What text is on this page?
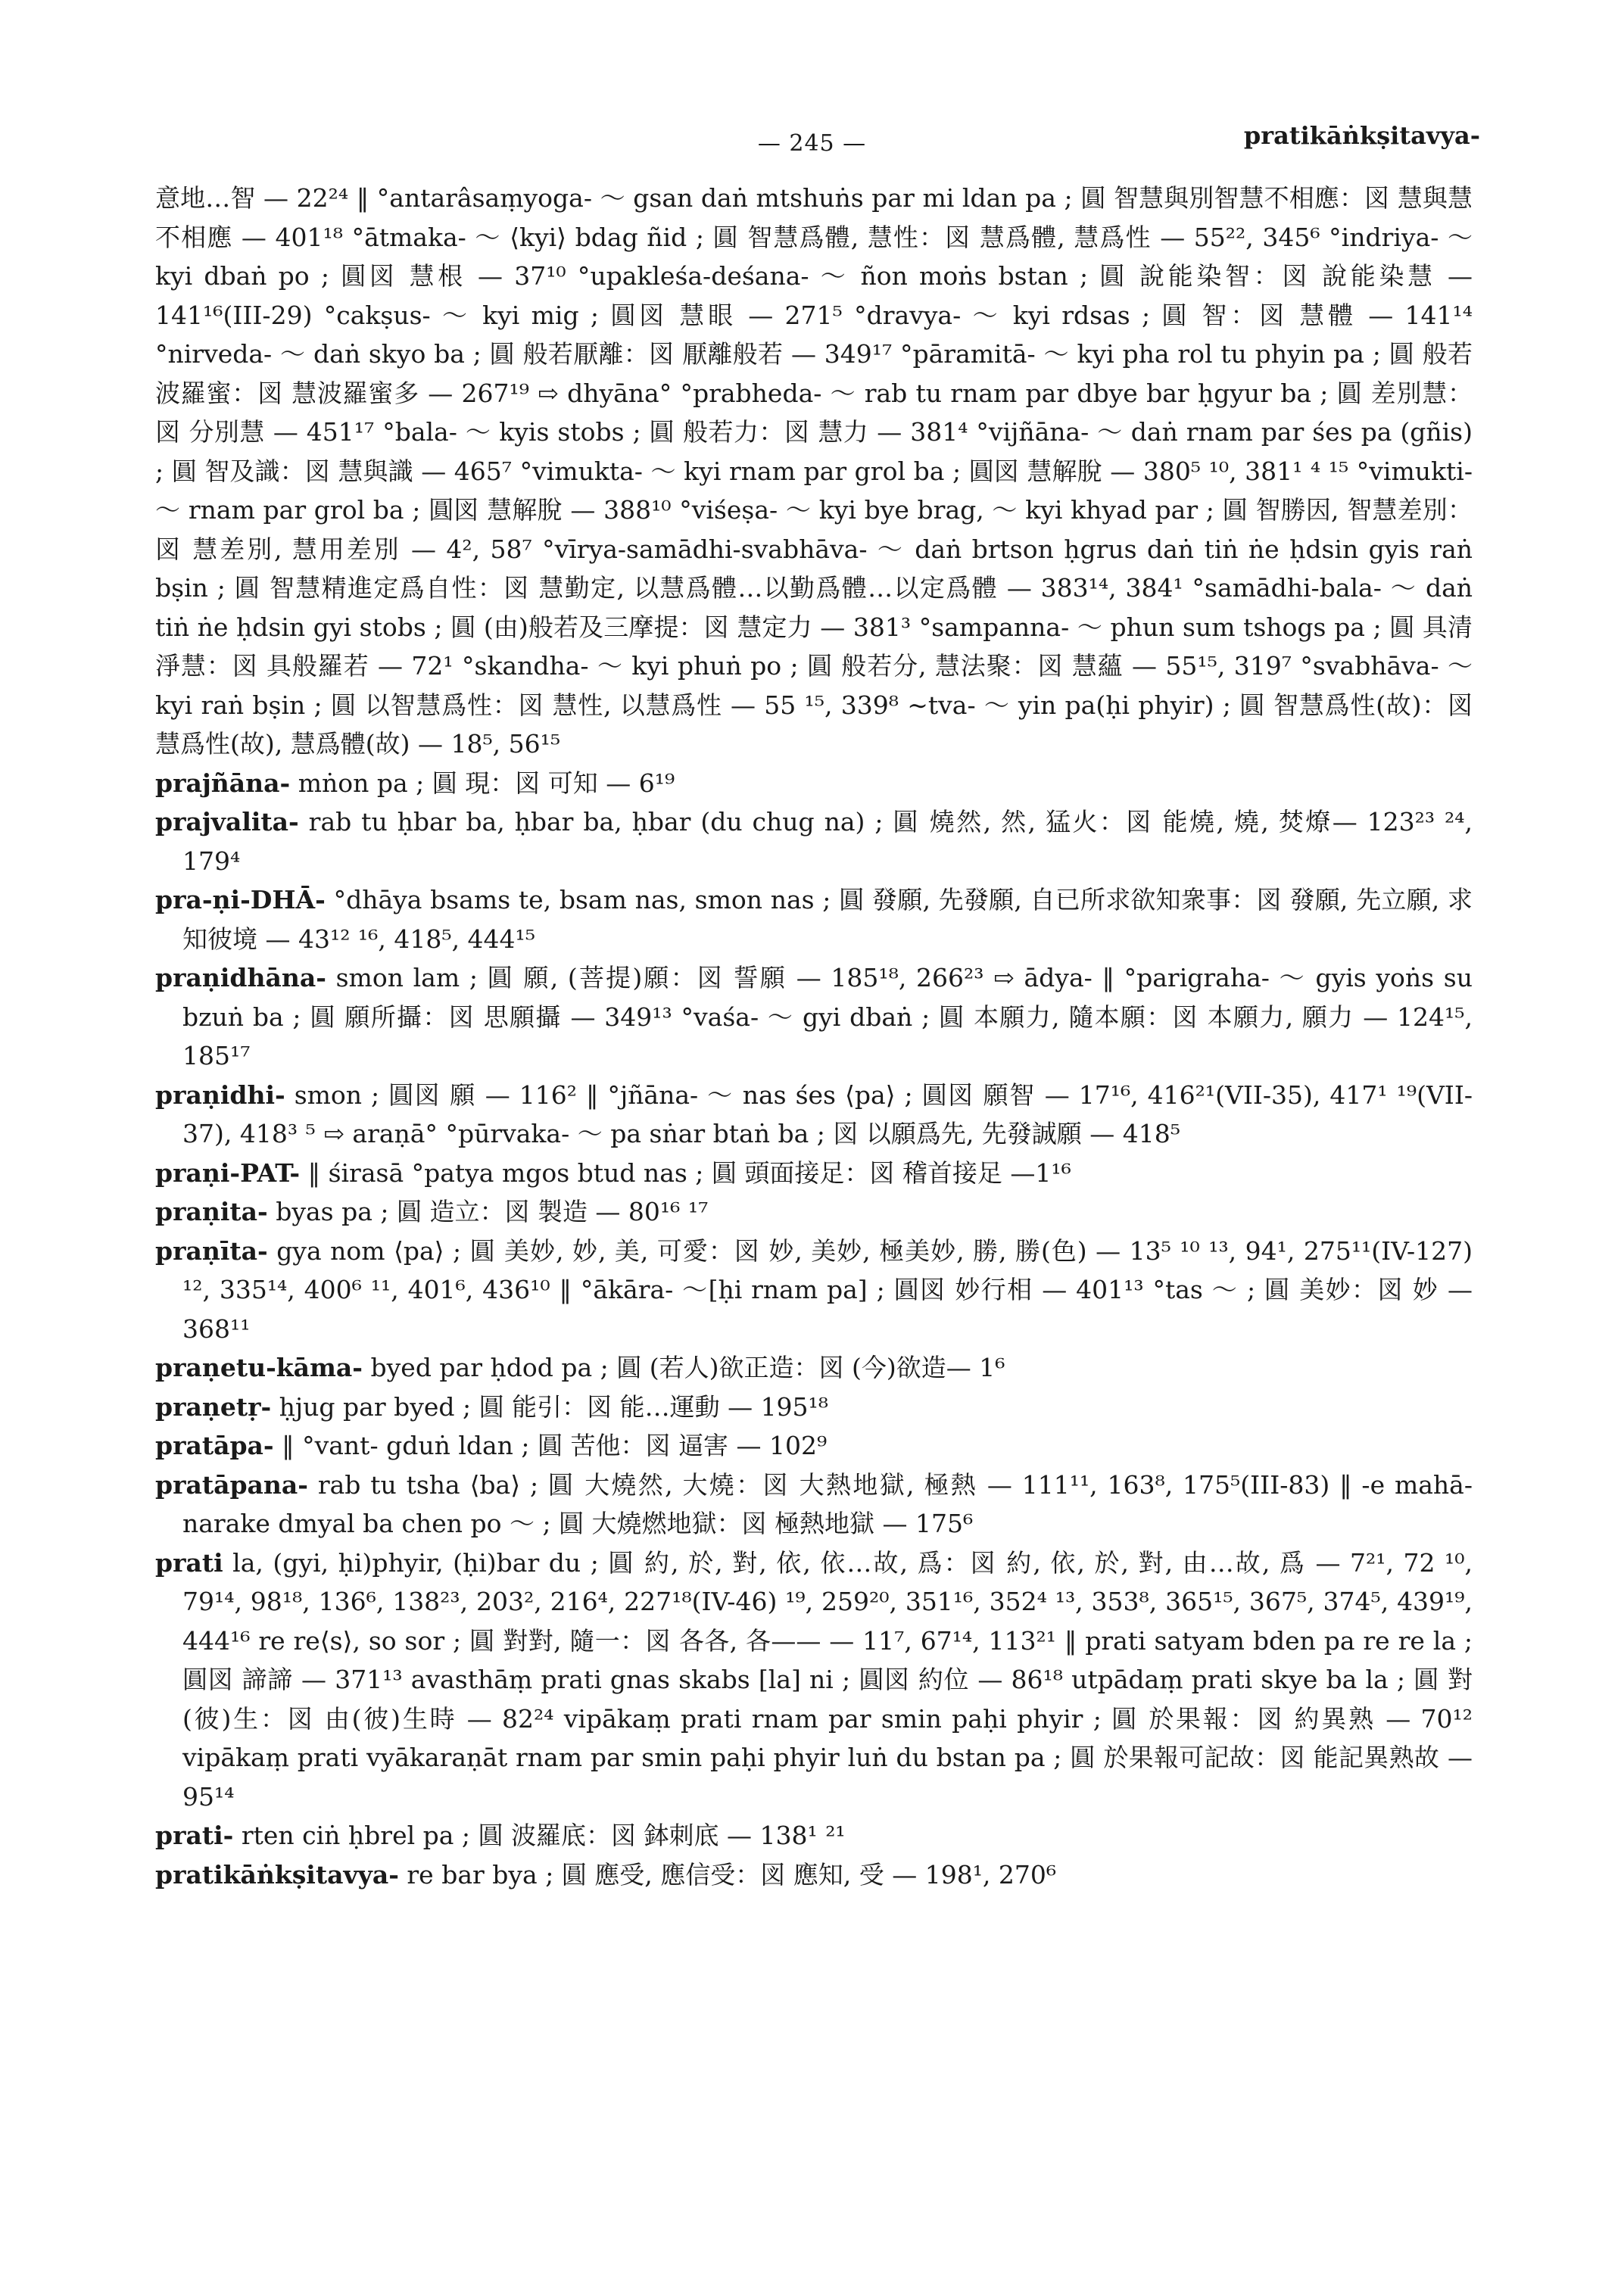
— 245 —	pratikāṅkṣitavya-

意地…智 — 22²⁴ ‖ °antarâsaṃyoga- ～ gsan daṅ mtshuṅs par mi ldan pa ; 圓 智慧與別智慧不相應：図 慧與慧不相應 — 401¹⁸ °ātmaka- ～ ⟨kyi⟩ bdag ñid ; 圓 智慧爲體, 慧性：図 慧爲體, 慧爲性 — 55²², 345⁶ °indriya- ～ kyi dbaṅ po ; 圓図 慧根 — 37¹⁰ °upakleśa-deśana- ～ ñon moṅs bstan ; 圓 說能染智：図 說能染慧 — 141¹⁶(III-29) °cakṣus- ～ kyi mig ; 圓図 慧眼 — 271⁵ °dravya- ～ kyi rdsas ; 圓 智：図 慧體 — 141¹⁴ °nirveda- ～ daṅ skyo ba ; 圓 般若厭離：図 厭離般若 — 349¹⁷ °pāramitā- ～ kyi pha rol tu phyin pa ; 圓 般若波羅蜜：図 慧波羅蜜多 — 267¹⁹ ⇨ dhyāna° °prabheda- ～ rab tu rnam par dbye bar ḥgyur ba ; 圓 差別慧：図 分別慧 — 451¹⁷ °bala- ～ kyis stobs ; 圓 般若力：図 慧力 — 381⁴ °vijñāna- ～ daṅ rnam par śes pa (gñis) ; 圓 智及識：図 慧與識 — 465⁷ °vimukta- ～ kyi rnam par grol ba ; 圓図 慧解脫 — 380⁵ ¹⁰, 381¹ ⁴ ¹⁵ °vimukti- ～ rnam par grol ba ; 圓図 慧解脫 — 388¹⁰ °viśeṣa- ～ kyi bye brag, ～ kyi khyad par ; 圓 智勝因, 智慧差別：図 慧差別, 慧用差別 — 4², 58⁷ °vīrya-samādhi-svabhāva- ～ daṅ brtson ḥgrus daṅ tiṅ ṅe ḥdsin gyis raṅ bṣin ; 圓 智慧精進定爲自性：図 慧勤定, 以慧爲體…以勤爲體…以定爲體 — 383¹⁴, 384¹ °samādhi-bala- ～ daṅ tiṅ ṅe ḥdsin gyi stobs ; 圓 (由)般若及三摩提：図 慧定力 — 381³ °sampanna- ～ phun sum tshogs pa ; 圓 具清淨慧：図 具般羅若 — 72¹ °skandha- ～ kyi phuṅ po ; 圓 般若分, 慧法聚：図 慧蘊 — 55¹⁵, 319⁷ °svabhāva- ～ kyi raṅ bṣin ; 圓 以智慧爲性：図 慧性, 以慧爲性 — 55 ¹⁵, 339⁸ ∼tva- ～ yin pa(ḥi phyir) ; 圓 智慧爲性(故)：図 慧爲性(故), 慧爲體(故) — 18⁵, 56¹⁵

prajñāna- mṅon pa ; 圓 現：図 可知 — 6¹⁹

prajvalita- rab tu ḥbar ba, ḥbar ba, ḥbar (du chug na) ; 圓 燒然, 然, 猛火：図 能燒, 燒, 焚燎— 123²³ ²⁴, 179⁴

pra-ṇi-DHĀ- °dhāya bsams te, bsam nas, smon nas ; 圓 發願, 先發願, 自已所求欲知衆事：図 發願, 先立願, 求知彼境 — 43¹² ¹⁶, 418⁵, 444¹⁵

praṇidhāna- smon lam ; 圓 願, (菩提)願：図 誓願 — 185¹⁸, 266²³ ⇨ ādya- ‖ °parigraha- ～ gyis yoṅs su bzuṅ ba ; 圓 願所攝：図 思願攝 — 349¹³ °vaśa- ～ gyi dbaṅ ; 圓 本願力, 隨本願：図 本願力, 願力 — 124¹⁵, 185¹⁷

praṇidhi- smon ; 圓図 願 — 116² ‖ °jñāna- ～ nas śes ⟨pa⟩ ; 圓図 願智 — 17¹⁶, 416²¹(VII-35), 417¹ ¹⁹(VII-37), 418³ ⁵ ⇨ araṇā° °pūrvaka- ～ pa sṅar btaṅ ba ; 図 以願爲先, 先發誠願 — 418⁵

praṇi-PAT- ‖ śirasā °patya mgos btud nas ; 圓 頭面接足：図 稽首接足 —1¹⁶

praṇita- byas pa ; 圓 造立：図 製造 — 80¹⁶ ¹⁷

praṇīta- gya nom ⟨pa⟩ ; 圓 美妙, 妙, 美, 可愛：図 妙, 美妙, 極美妙, 勝, 勝(色) — 13⁵ ¹⁰ ¹³, 94¹, 275¹¹(IV-127) ¹², 335¹⁴, 400⁶ ¹¹, 401⁶, 436¹⁰ ‖ °ākāra- ～[ḥi rnam pa] ; 圓図 妙行相 — 401¹³ °tas ～ ; 圓 美妙：図 妙 — 368¹¹

praṇetu-kāma- byed par ḥdod pa ; 圓 (若人)欲正造：図 (今)欲造— 1⁶

praṇetṛ- ḥjug par byed ; 圓 能引：図 能…運動 — 195¹⁸

pratāpa- ‖ °vant- gduṅ ldan ; 圓 苦他：図 逼害 — 102⁹

pratāpana- rab tu tsha ⟨ba⟩ ; 圓 大燒然, 大燒：図 大熱地獄, 極熱 — 111¹¹, 163⁸, 175⁵(III-83) ‖ -e mahā-narake dmyal ba chen po ～ ; 圓 大燒燃地獄：図 極熱地獄 — 175⁶

prati la, (gyi, ḥi)phyir, (ḥi)bar du ; 圓 約, 於, 對, 依, 依…故, 爲：図 約, 依, 於, 對, 由…故, 爲 — 7²¹, 72 ¹⁰, 79¹⁴, 98¹⁸, 136⁶, 138²³, 203², 216⁴, 227¹⁸(IV-46) ¹⁹, 259²⁰, 351¹⁶, 352⁴ ¹³, 353⁸, 365¹⁵, 367⁵, 374⁵, 439¹⁹, 444¹⁶ re re⟨s⟩, so sor ; 圓 對對, 隨一：図 各各, 各—— — 11⁷, 67¹⁴, 113²¹ ‖ prati satyam bden pa re re la ; 圓図 諦諦 — 371¹³ avasthāṃ prati gnas skabs [la] ni ; 圓図 約位 — 86¹⁸ utpādaṃ prati skye ba la ; 圓 對(彼)生：図 由(彼)生時 — 82²⁴ vipākaṃ prati rnam par smin paḥi phyir ; 圓 於果報：図 約異熟 — 70¹² vipākaṃ prati vyākaraṇāt rnam par smin paḥi phyir luṅ du bstan pa ; 圓 於果報可記故：図 能記異熟故 — 95¹⁴

prati- rten ciṅ ḥbrel pa ; 圓 波羅底：図 鉢刺底 — 138¹ ²¹

pratikāṅkṣitavya- re bar bya ; 圓 應受, 應信受：図 應知, 受 — 198¹, 270⁶
